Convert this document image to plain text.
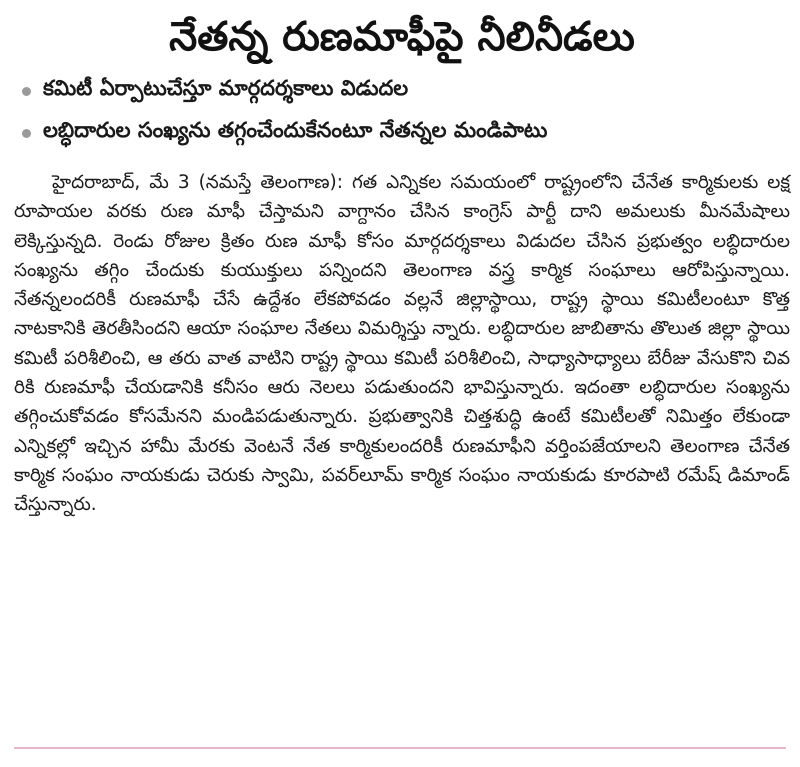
నేతన్న రుణమాఫీపై నీలినీడలు
కమిటీ ఏర్పాటుచేస్తూ మార్గదర్శకాలు విడుదల
లబ్ధిదారుల సంఖ్యను తగ్గంచేందుకేనంటూ నేతన్నల మండిపాటు

హైదరాబాద్, మే 3 (నమస్తే తెలంగాణ): గత ఎన్నికల సమయంలో రాష్ట్రంలోని చేనేత కార్మికులకు లక్ష రూపాయల వరకు రుణ మాఫీ చేస్తామని వాగ్దానం చేసిన కాంగ్రెస్ పార్టీ దాని అమలుకు మీనమేషాలు లెక్కిస్తున్నది. రెండు రోజుల క్రితం రుణ మాఫీ కోసం మార్గదర్శకాలు విడుదల చేసిన ప్రభుత్వం లబ్ధిదారుల సంఖ్యను తగ్గిం చేందుకు కుయుక్తులు పన్నిందని తెలంగాణ వస్త్ర కార్మిక సంఘాలు ఆరోపిస్తున్నాయి. నేతన్నలందరికీ రుణమాఫీ చేసే ఉద్దేశం లేకపోవడం వల్లనే జిల్లాస్థాయి, రాష్ట్ర స్థాయి కమిటీలంటూ కొత్త నాటకానికి తెరతీసిందని ఆయా సంఘాల నేతలు విమర్శిస్తు న్నారు. లబ్ధిదారుల జాబితాను తొలుత జిల్లా స్థాయి కమిటీ పరిశీలించి, ఆ తరు వాత వాటిని రాష్ట్ర స్థాయి కమిటీ పరిశీలించి, సాధ్యాసాధ్యాలు బేరీజు వేసుకొని చివ రికి రుణమాఫీ చేయడానికి కనీసం ఆరు నెలలు పడుతుందని భావిస్తున్నారు. ఇదంతా లబ్ధిదారుల సంఖ్యను తగ్గించుకోవడం కోసమేనని మండిపడుతున్నారు. ప్రభుత్వానికి చిత్తశుద్ధి ఉంటే కమిటీలతో నిమిత్తం లేకుండా ఎన్నికల్లో ఇచ్చిన హామీ మేరకు వెంటనే నేత కార్మికులందరికీ రుణమాఫీని వర్తింపజేయాలని తెలంగాణ చేనేత కార్మిక సంఘం నాయకుడు చెరుకు స్వామి, పవర్‌లూమ్ కార్మిక సంఘం నాయకుడు కూరపాటి రమేష్ డిమాండ్ చేస్తున్నారు.
